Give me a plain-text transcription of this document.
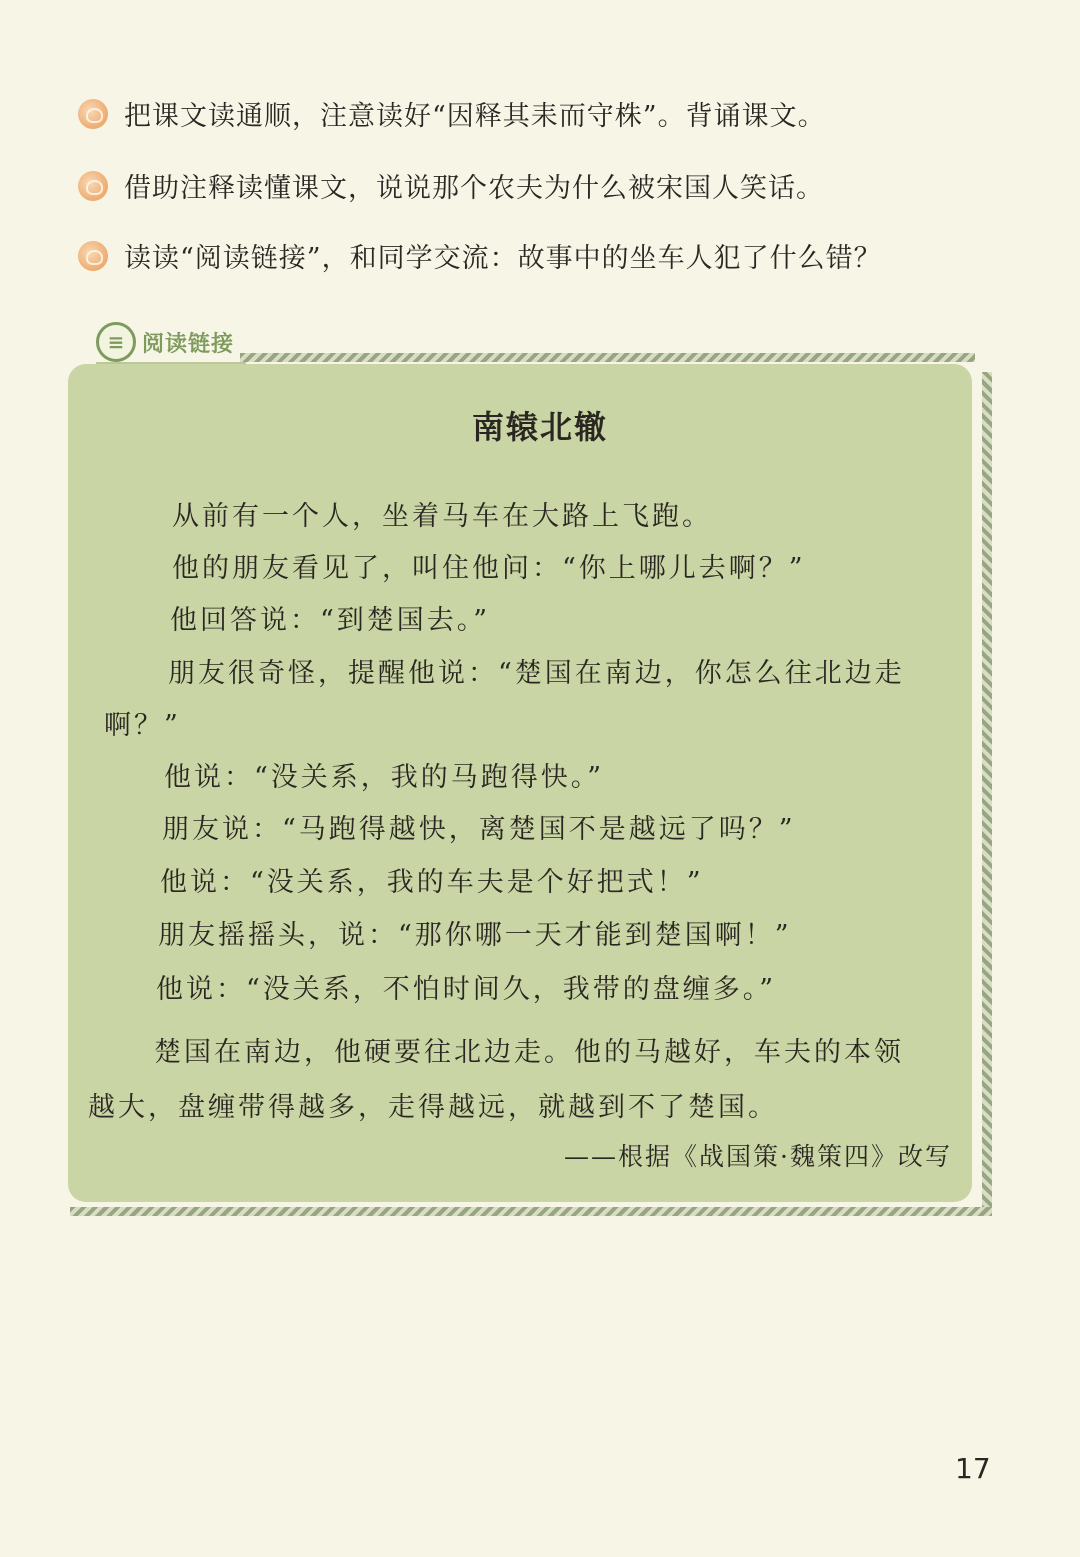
把课文读通顺，注意读好“因释其耒而守株”。背诵课文。
借助注释读懂课文，说说那个农夫为什么被宋国人笑话。
读读“阅读链接”，和同学交流：故事中的坐车人犯了什么错？
≡ 阅读链接
南辕北辙
从前有一个人，坐着马车在大路上飞跑。
他的朋友看见了，叫住他问：“你上哪儿去啊？”
他回答说：“到楚国去。”
朋友很奇怪，提醒他说：“楚国在南边，你怎么往北边走
啊？”
他说：“没关系，我的马跑得快。”
朋友说：“马跑得越快，离楚国不是越远了吗？”
他说：“没关系，我的车夫是个好把式！”
朋友摇摇头，说：“那你哪一天才能到楚国啊！”
他说：“没关系，不怕时间久，我带的盘缠多。”
楚国在南边，他硬要往北边走。他的马越好，车夫的本领
越大，盘缠带得越多，走得越远，就越到不了楚国。
——根据《战国策·魏策四》改写
17
